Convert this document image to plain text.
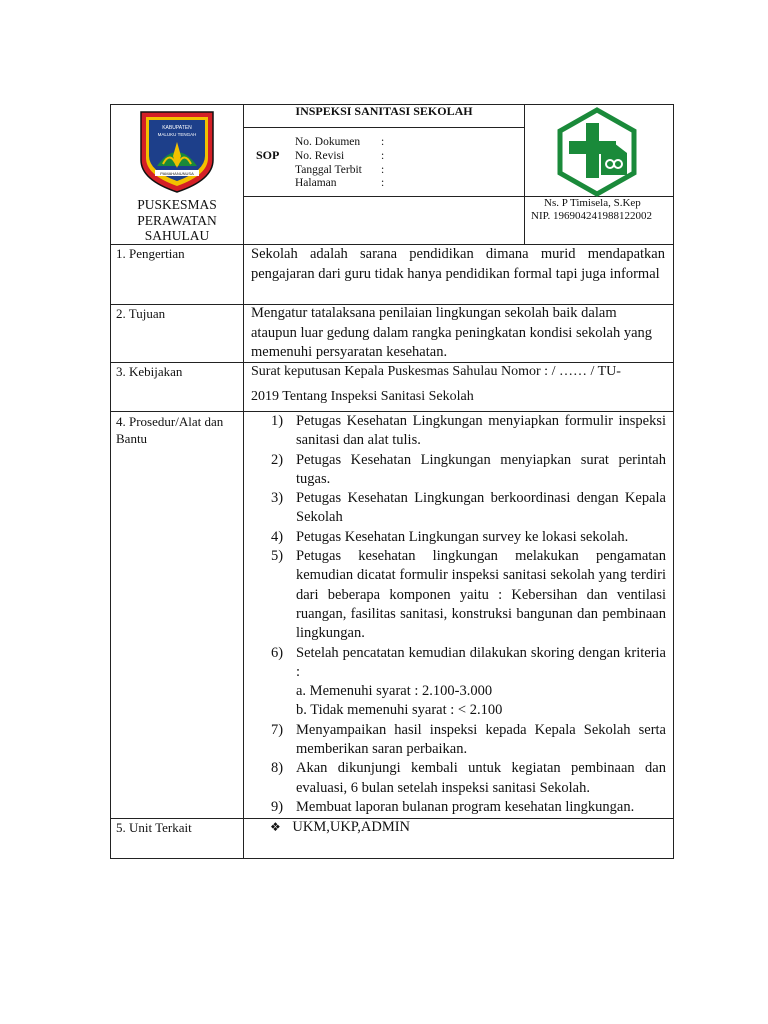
KABUPATEN
MALUKU TENGAH
PAMAHANUNUSA
INSPEKSI SANITASI SEKOLAH
SOP
No. Dokumen :
No. Revisi	:
Tanggal Terbit :
Halaman	:
PUSKESMAS
PERAWATAN
SAHULAU
Ns. P Timisela, S.Kep
NIP. 196904241988122002
1. Pengertian	Sekolah adalah sarana pendidikan dimana murid mendapatkan pengajaran dari guru tidak hanya pendidikan formal tapi juga informal
2. Tujuan	Mengatur tatalaksana penilaian lingkungan sekolah baik dalam ataupun luar gedung dalam rangka peningkatan kondisi sekolah yang memenuhi persyaratan kesehatan.
3. Kebijakan	Surat keputusan Kepala Puskesmas Sahulau Nomor : / …… / TU-
2019 Tentang Inspeksi Sanitasi Sekolah
4. Prosedur/Alat dan
Bantu
1) Petugas Kesehatan Lingkungan menyiapkan formulir inspeksi sanitasi dan alat tulis.
2) Petugas Kesehatan Lingkungan menyiapkan surat perintah tugas.
3) Petugas Kesehatan Lingkungan berkoordinasi dengan Kepala Sekolah
4) Petugas Kesehatan Lingkungan survey ke lokasi sekolah.
5) Petugas kesehatan lingkungan melakukan pengamatan kemudian dicatat formulir inspeksi sanitasi sekolah yang terdiri dari beberapa komponen yaitu : Kebersihan dan ventilasi ruangan, fasilitas sanitasi, konstruksi bangunan dan pembinaan lingkungan.
6) Setelah pencatatan kemudian dilakukan skoring dengan kriteria :
a. Memenuhi syarat : 2.100-3.000
b. Tidak memenuhi syarat : < 2.100
7) Menyampaikan hasil inspeksi kepada Kepala Sekolah serta memberikan saran perbaikan.
8) Akan dikunjungi kembali untuk kegiatan pembinaan dan evaluasi, 6 bulan setelah inspeksi sanitasi Sekolah.
9) Membuat laporan bulanan program kesehatan lingkungan.
5. Unit Terkait	❖ UKM,UKP,ADMIN
